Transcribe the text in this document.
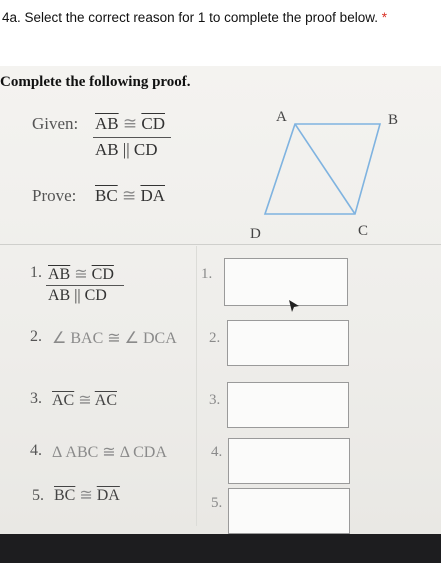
4a. Select the correct reason for 1 to complete the proof below. *
Complete the following proof.
Given: $\overline{AB}$ ≅ $\overline{CD}$
AB || CD
Prove: $\overline{BC}$ ≅ $\overline{DA}$
A	B
C
D
1. $\overline{AB}$ ≅ $\overline{CD}$
AB || CD
1.
2. ∠ BAC ≅ ∠ DCA 2.
3. $\overline{AC}$ ≅ $\overline{AC}$	3.
4. Δ ABC ≅ Δ CDA	4.
5. $\overline{BC}$ ≅ $\overline{DA}$	5.
